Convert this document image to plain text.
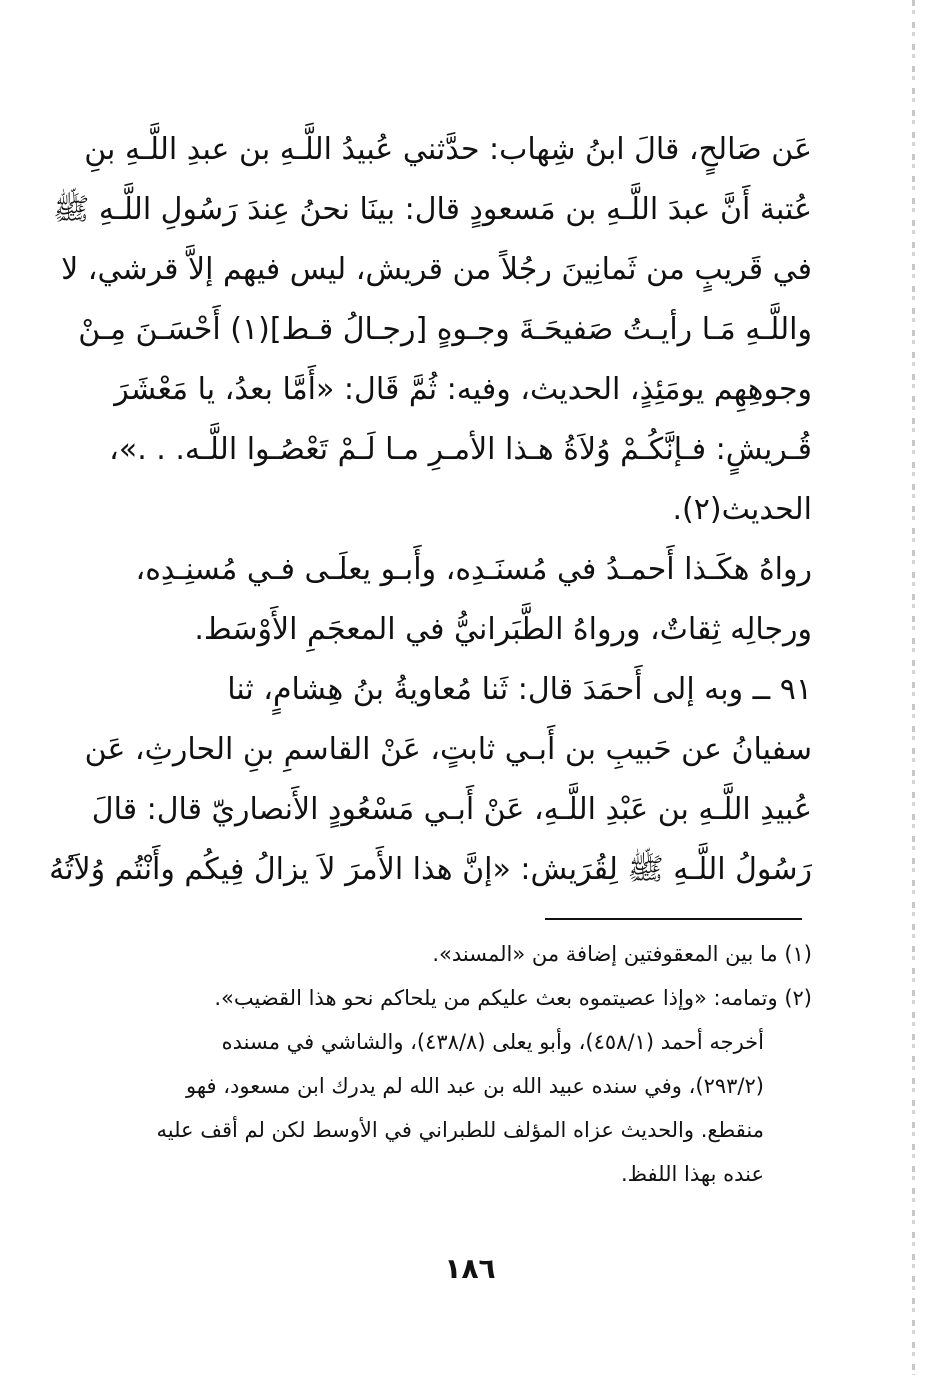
عَن صَالحٍ، قالَ ابنُ شِهاب: حدَّثني عُبيدُ اللَّـهِ بن عبدِ اللَّـهِ بنِ
عُتبة أَنَّ عبدَ اللَّـهِ بن مَسعودٍ قال: بينَا نحنُ عِندَ رَسُولِ اللَّـهِ ﷺ
في قَريبٍ من ثَمانِينَ رجُلاً من قريش، ليس فيهم إلاَّ قرشي، لا
واللَّـهِ مَـا رأيـتُ صَفيحَـةَ وجـوهٍ [رجـالُ قـط](١) أَحْسَـنَ مِـنْ
وجوهِهِم يومَئِذٍ، الحديث، وفيه: ثُمَّ قَال: «أَمَّا بعدُ، يا مَعْشَرَ
قُـريشٍ: فـإنَّكُـمْ وُلاَةُ هـذا الأمـرِ مـا لَـمْ تَعْصُـوا اللَّـه. . .»،
الحديث(٢).
رواهُ هكَـذا أَحمـدُ في مُسنَـدِه، وأَبـو يعلَـى فـي مُسنِـدِه،
ورجالِه ثِقاتٌ، ورواهُ الطَّبَرانيُّ في المعجَمِ الأَوْسَط.
٩١ ــ وبه إلى أَحمَدَ قال: ثَنا مُعاويةُ بنُ هِشامٍ، ثنا
سفيانُ عن حَبيبِ بن أَبـي ثابتٍ، عَنْ القاسمِ بنِ الحارثِ، عَن
عُبيدِ اللَّـهِ بن عَبْدِ اللَّـهِ، عَنْ أَبـي مَسْعُودٍ الأَنصاريّ قال: قالَ
رَسُولُ اللَّـهِ ﷺ لِقُرَيش: «إنَّ هذا الأَمرَ لاَ يزالُ فِيكُم وأَنْتُم وُلاَتُهُ
(١) ما بين المعقوفتين إضافة من «المسند».
(٢) وتمامه: «وإذا عصيتموه بعث عليكم من يلحاكم نحو هذا القضيب».
أخرجه أحمد (٤٥٨/١)، وأبو يعلى (٤٣٨/٨)، والشاشي في مسنده
(٢٩٣/٢)، وفي سنده عبيد الله بن عبد الله لم يدرك ابن مسعود، فهو
منقطع. والحديث عزاه المؤلف للطبراني في الأوسط لكن لم أقف عليه
عنده بهذا اللفظ.
١٨٦
